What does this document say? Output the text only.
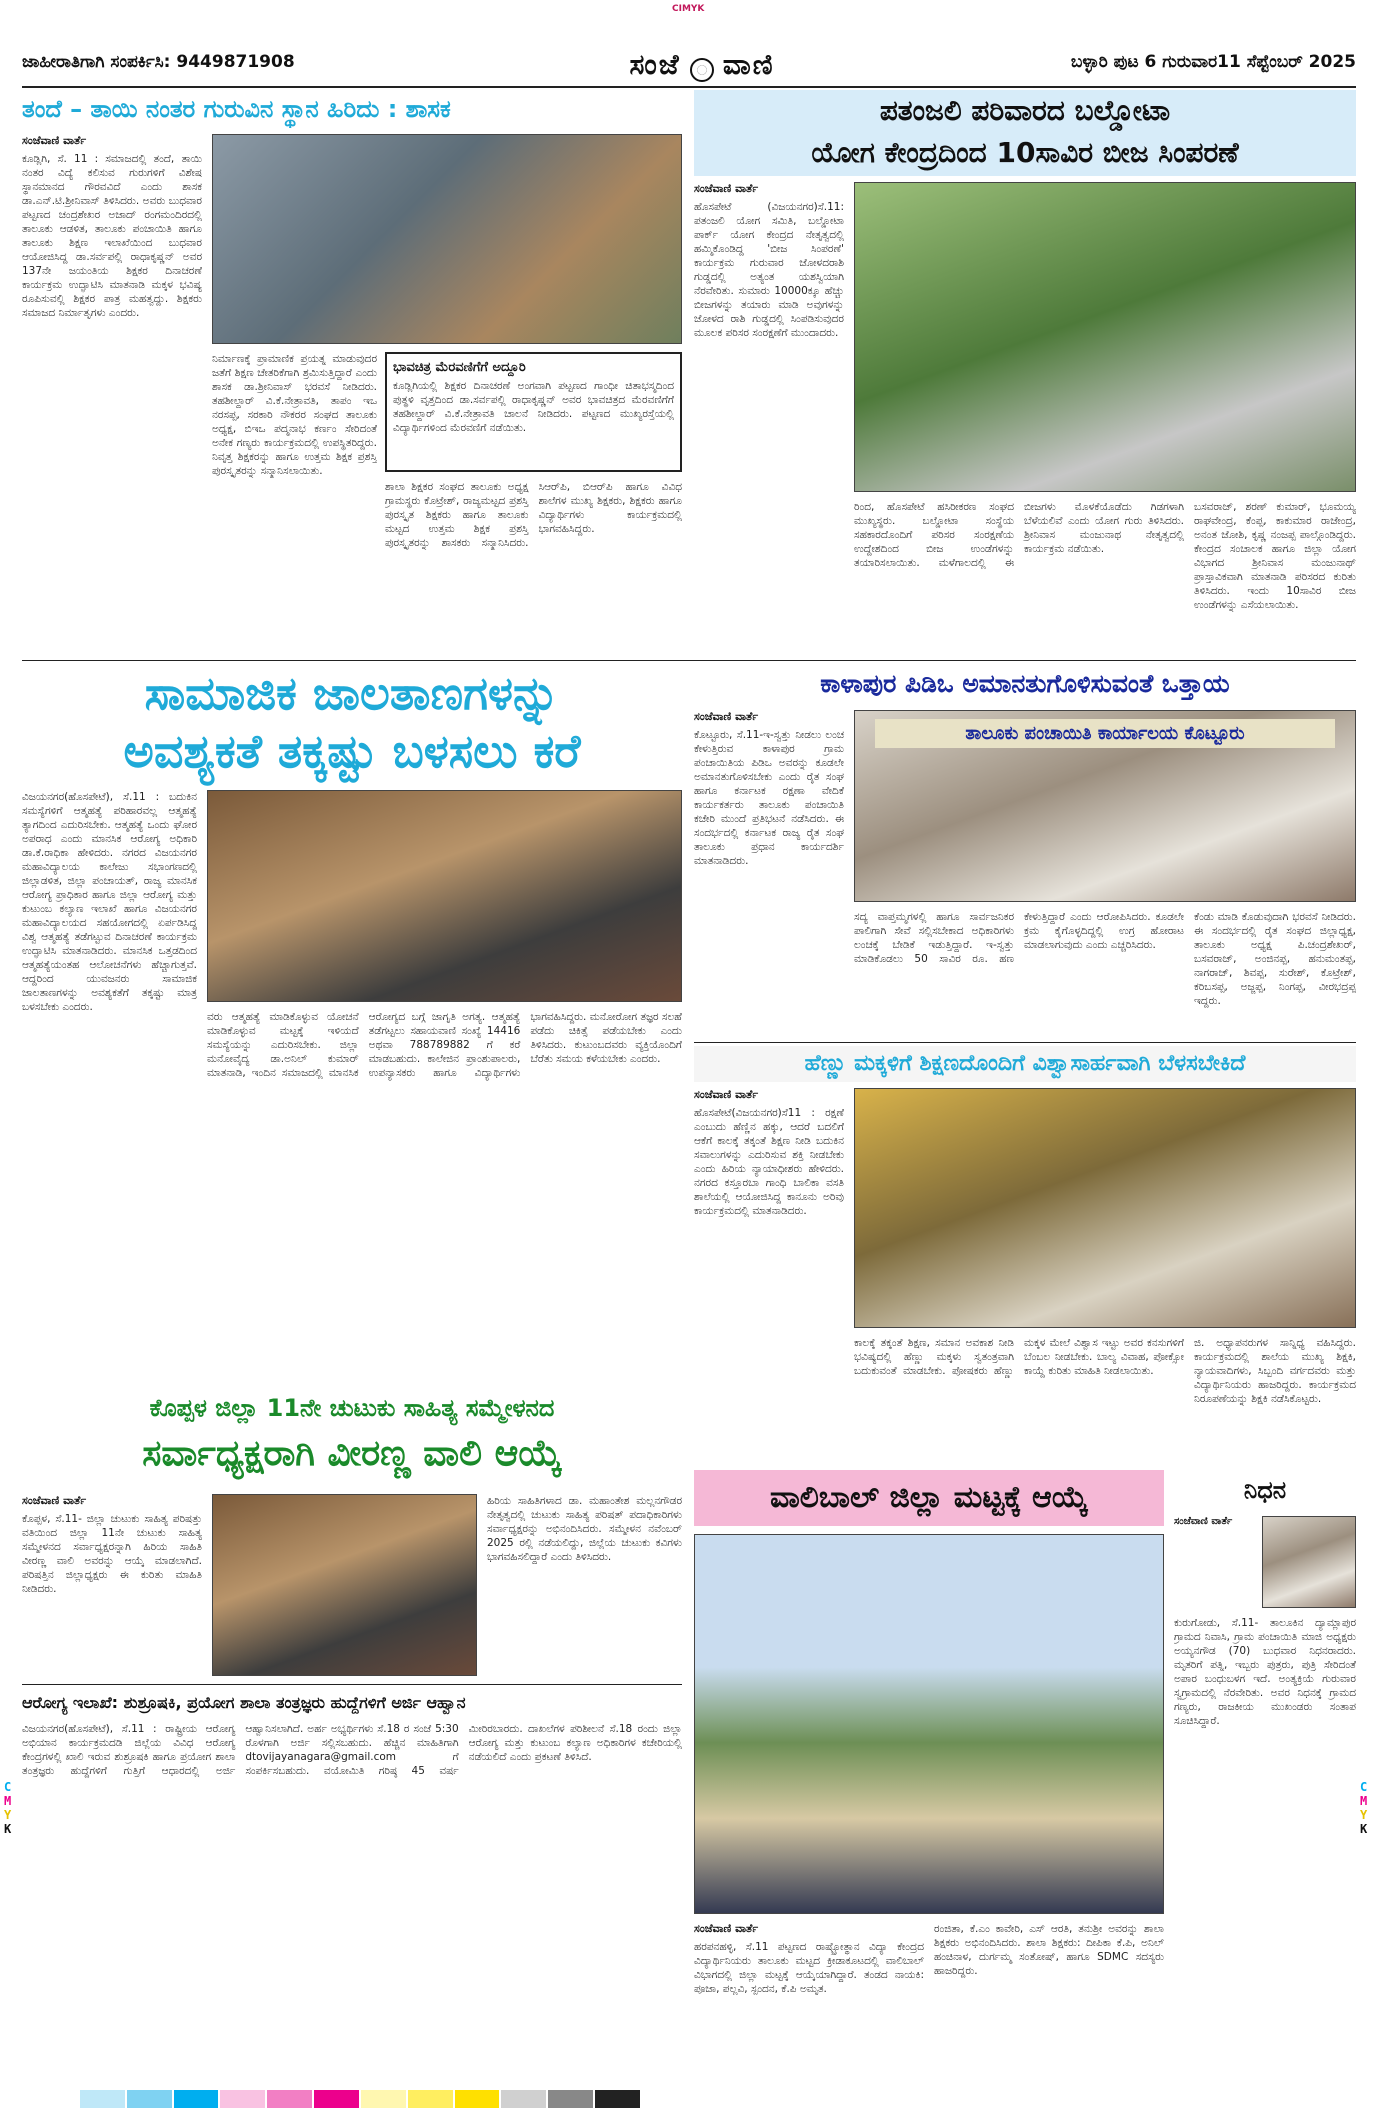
CIMYK
ಜಾಹೀರಾತಿಗಾಗಿ ಸಂಪರ್ಕಿಸಿ: 9449871908	ಸಂಜೆ ವಾಣಿ	ಬಳ್ಳಾರಿ ಪುಟ 6 ಗುರುವಾರ11 ಸೆಪ್ಟೆಂಬರ್ 2025
ತಂದೆ – ತಾಯಿ ನಂತರ ಗುರುವಿನ ಸ್ಥಾನ ಹಿರಿದು : ಶಾಸಕ
ಸಂಜೆವಾಣಿ ವಾರ್ತೆ
ಕೂಡ್ಲಿಗಿ, ಸೆ. 11 : ಸಮಾಜದಲ್ಲಿ ತಂದೆ, ತಾಯಿ ನಂತರ ವಿದ್ಯೆ ಕಲಿಸುವ ಗುರುಗಳಿಗೆ ವಿಶೇಷ ಸ್ಥಾನಮಾನದ ಗೌರವವಿದೆ ಎಂದು ಶಾಸಕ ಡಾ.ಎನ್.ಟಿ.ಶ್ರೀನಿವಾಸ್ ತಿಳಿಸಿದರು. ಅವರು ಬುಧವಾರ ಪಟ್ಟಣದ ಚಂದ್ರಶೇಖರ ಅಜಾದ್ ರಂಗಮಂದಿರದಲ್ಲಿ ತಾಲೂಕು ಆಡಳಿತ, ತಾಲೂಕು ಪಂಚಾಯಿತಿ ಹಾಗೂ ತಾಲೂಕು ಶಿಕ್ಷಣ ಇಲಾಖೆಯಿಂದ ಬುಧವಾರ ಆಯೋಜಿಸಿದ್ದ ಡಾ.ಸರ್ವಪಲ್ಲಿ ರಾಧಾಕೃಷ್ಣನ್ ಅವರ 137ನೇ ಜಯಂತಿಯ ಶಿಕ್ಷಕರ ದಿನಾಚರಣೆ ಕಾರ್ಯಕ್ರಮ ಉದ್ಘಾಟಿಸಿ ಮಾತನಾಡಿ ಮಕ್ಕಳ ಭವಿಷ್ಯ ರೂಪಿಸುವಲ್ಲಿ ಶಿಕ್ಷಕರ ಪಾತ್ರ ಮಹತ್ವದ್ದು. ಶಿಕ್ಷಕರು ಸಮಾಜದ ನಿರ್ಮಾತೃಗಳು ಎಂದರು.
ನಿರ್ಮಾಣಕ್ಕೆ ಪ್ರಾಮಾಣಿಕ ಪ್ರಯತ್ನ ಮಾಡುವುದರ ಜತೆಗೆ ಶಿಕ್ಷಣ ಚೇತರಿಕೆಗಾಗಿ ಶ್ರಮಿಸುತ್ತಿದ್ದಾರೆ ಎಂದು ಶಾಸಕ ಡಾ.ಶ್ರೀನಿವಾಸ್ ಭರವಸೆ ನೀಡಿದರು. ತಹಶೀಲ್ದಾರ್ ವಿ.ಕೆ.ನೇತ್ರಾವತಿ, ತಾಪಂ ಇಒ ನರಸಪ್ಪ, ಸರಕಾರಿ ನೌಕರರ ಸಂಘದ ತಾಲೂಕು ಅಧ್ಯಕ್ಷ, ಬಿಇಒ ಪದ್ಮನಾಭ ಕರ್ಣಂ ಸೇರಿದಂತೆ ಅನೇಕ ಗಣ್ಯರು ಕಾರ್ಯಕ್ರಮದಲ್ಲಿ ಉಪಸ್ಥಿತರಿದ್ದರು. ನಿವೃತ್ತ ಶಿಕ್ಷಕರನ್ನು ಹಾಗೂ ಉತ್ತಮ ಶಿಕ್ಷಕ ಪ್ರಶಸ್ತಿ ಪುರಸ್ಕೃತರನ್ನು ಸನ್ಮಾನಿಸಲಾಯಿತು.
ಭಾವಚಿತ್ರ ಮೆರವಣಿಗೆಗೆ ಅದ್ದೂರಿ
ಕೂಡ್ಲಿಗಿಯಲ್ಲಿ ಶಿಕ್ಷಕರ ದಿನಾಚರಣೆ ಅಂಗವಾಗಿ ಪಟ್ಟಣದ ಗಾಂಧೀ ಚಿತಾಭಸ್ಮದಿಂದ ಪುತ್ಥಳಿ ವೃತ್ತದಿಂದ ಡಾ.ಸರ್ವಪಲ್ಲಿ ರಾಧಾಕೃಷ್ಣನ್ ಅವರ ಭಾವಚಿತ್ರದ ಮೆರವಣಿಗೆಗೆ ತಹಶೀಲ್ದಾರ್ ವಿ.ಕೆ.ನೇತ್ರಾವತಿ ಚಾಲನೆ ನೀಡಿದರು. ಪಟ್ಟಣದ ಮುಖ್ಯರಸ್ತೆಯಲ್ಲಿ ವಿದ್ಯಾರ್ಥಿಗಳಿಂದ ಮೆರವಣಿಗೆ ನಡೆಯಿತು.
ಶಾಲಾ ಶಿಕ್ಷಕರ ಸಂಘದ ತಾಲೂಕು ಅಧ್ಯಕ್ಷ ಗ್ರಾಮಸ್ಥರು ಕೊಟ್ರೇಶ್, ರಾಜ್ಯಮಟ್ಟದ ಪ್ರಶಸ್ತಿ ಪುರಸ್ಕೃತ ಶಿಕ್ಷಕರು ಹಾಗೂ ತಾಲೂಕು ಮಟ್ಟದ ಉತ್ತಮ ಶಿಕ್ಷಕ ಪ್ರಶಸ್ತಿ ಪುರಸ್ಕೃತರನ್ನು ಶಾಸಕರು ಸನ್ಮಾನಿಸಿದರು. ಸಿಆರ್‌ಪಿ, ಬಿಆರ್‌ಪಿ ಹಾಗೂ ವಿವಿಧ ಶಾಲೆಗಳ ಮುಖ್ಯ ಶಿಕ್ಷಕರು, ಶಿಕ್ಷಕರು ಹಾಗೂ ವಿದ್ಯಾರ್ಥಿಗಳು ಕಾರ್ಯಕ್ರಮದಲ್ಲಿ ಭಾಗವಹಿಸಿದ್ದರು.
ಪತಂಜಲಿ ಪರಿವಾರದ ಬಲ್ಡೋಟಾ
ಯೋಗ ಕೇಂದ್ರದಿಂದ 10ಸಾವಿರ ಬೀಜ ಸಿಂಪರಣೆ
ಸಂಜೆವಾಣಿ ವಾರ್ತೆ
ಹೊಸಪೇಟೆ (ವಿಜಯನಗರ)ಸೆ.11: ಪತಂಜಲಿ ಯೋಗ ಸಮಿತಿ, ಬಲ್ಡೋಟಾ ಪಾರ್ಕ್ ಯೋಗ ಕೇಂದ್ರದ ನೇತೃತ್ವದಲ್ಲಿ ಹಮ್ಮಿಕೊಂಡಿದ್ದ 'ಬೀಜ ಸಿಂಪರಣೆ' ಕಾರ್ಯಕ್ರಮ ಗುರುವಾರ ಜೋಳದರಾಶಿ ಗುಡ್ಡದಲ್ಲಿ ಅತ್ಯಂತ ಯಶಸ್ವಿಯಾಗಿ ನೆರವೇರಿತು. ಸುಮಾರು 10000ಕ್ಕೂ ಹೆಚ್ಚು ಬೀಜಗಳನ್ನು ತಯಾರು ಮಾಡಿ ಅವುಗಳನ್ನು ಜೋಳದ ರಾಶಿ ಗುಡ್ಡದಲ್ಲಿ ಸಿಂಪಡಿಸುವುದರ ಮೂಲಕ ಪರಿಸರ ಸಂರಕ್ಷಣೆಗೆ ಮುಂದಾದರು.
ರಿಂದ, ಹೊಸಪೇಟೆ ಹಸಿರೀಕರಣ ಸಂಘದ ಮುಖ್ಯಸ್ಥರು. ಬಲ್ಡೋಟಾ ಸಂಸ್ಥೆಯ ಸಹಕಾರದೊಂದಿಗೆ ಪರಿಸರ ಸಂರಕ್ಷಣೆಯ ಉದ್ದೇಶದಿಂದ ಬೀಜ ಉಂಡೆಗಳನ್ನು ತಯಾರಿಸಲಾಯಿತು. ಮಳೆಗಾಲದಲ್ಲಿ ಈ ಬೀಜಗಳು ಮೊಳಕೆಯೊಡೆದು ಗಿಡಗಳಾಗಿ ಬೆಳೆಯಲಿವೆ ಎಂದು ಯೋಗ ಗುರು ತಿಳಿಸಿದರು. ಶ್ರೀನಿವಾಸ ಮಂಜುನಾಥ ನೇತೃತ್ವದಲ್ಲಿ ಕಾರ್ಯಕ್ರಮ ನಡೆಯಿತು.
ಬಸವರಾಜ್, ಶರಣ್ ಕುಮಾರ್, ಭೂಮಯ್ಯ ರಾಘವೇಂದ್ರ, ಕೆಂಪ್ಪ, ಕಾಕುಮಾರ ರಾಜೇಂದ್ರ, ಅನಂತ ಜೋಶಿ, ಕೃಷ್ಣ ನಂಜಪ್ಪ ಪಾಲ್ಗೊಂಡಿದ್ದರು. ಕೇಂದ್ರದ ಸಂಚಾಲಕ ಹಾಗೂ ಜಿಲ್ಲಾ ಯೋಗ ವಿಭಾಗದ ಶ್ರೀನಿವಾಸ ಮಂಜುನಾಥ್ ಪ್ರಾಸ್ತಾವಿಕವಾಗಿ ಮಾತನಾಡಿ ಪರಿಸರದ ಕುರಿತು ತಿಳಿಸಿದರು. ಇಂದು 10ಸಾವಿರ ಬೀಜ ಉಂಡೆಗಳನ್ನು ಎಸೆಯಲಾಯಿತು.
ಸಾಮಾಜಿಕ ಜಾಲತಾಣಗಳನ್ನು
ಅವಶ್ಯಕತೆ ತಕ್ಕಷ್ಟು ಬಳಸಲು ಕರೆ
ವಿಜಯನಗರ(ಹೊಸಪೇಟೆ), ಸೆ.11 : ಬದುಕಿನ ಸಮಸ್ಯೆಗಳಿಗೆ ಆತ್ಮಹತ್ಯೆ ಪರಿಹಾರವಲ್ಲ ಆತ್ಮಹತ್ಯೆ ತ್ಯಾಗದಿಂದ ಎದುರಿಸಬೇಕು. ಆತ್ಮಹತ್ಯೆ ಒಂದು ಘೋರ ಅಪರಾಧ ಎಂದು ಮಾನಸಿಕ ಆರೋಗ್ಯ ಅಧಿಕಾರಿ ಡಾ.ಕೆ.ರಾಧಿಕಾ ಹೇಳಿದರು. ನಗರದ ವಿಜಯನಗರ ಮಹಾವಿದ್ಯಾಲಯ ಕಾಲೇಜು ಸಭಾಂಗಣದಲ್ಲಿ ಜಿಲ್ಲಾಡಳಿತ, ಜಿಲ್ಲಾ ಪಂಚಾಯತ್, ರಾಜ್ಯ ಮಾನಸಿಕ ಆರೋಗ್ಯ ಪ್ರಾಧಿಕಾರ ಹಾಗೂ ಜಿಲ್ಲಾ ಆರೋಗ್ಯ ಮತ್ತು ಕುಟುಂಬ ಕಲ್ಯಾಣ ಇಲಾಖೆ ಹಾಗೂ ವಿಜಯನಗರ ಮಹಾವಿದ್ಯಾಲಯದ ಸಹಯೋಗದಲ್ಲಿ ಏರ್ಪಡಿಸಿದ್ದ ವಿಶ್ವ ಆತ್ಮಹತ್ಯೆ ತಡೆಗಟ್ಟುವ ದಿನಾಚರಣೆ ಕಾರ್ಯಕ್ರಮ ಉದ್ಘಾಟಿಸಿ ಮಾತನಾಡಿದರು. ಮಾನಸಿಕ ಒತ್ತಡದಿಂದ ಆತ್ಮಹತ್ಯೆಯಂತಹ ಆಲೋಚನೆಗಳು ಹೆಚ್ಚಾಗುತ್ತವೆ. ಆದ್ದರಿಂದ ಯುವಜನರು ಸಾಮಾಜಿಕ ಜಾಲತಾಣಗಳನ್ನು ಅವಶ್ಯಕತೆಗೆ ತಕ್ಕಷ್ಟು ಮಾತ್ರ ಬಳಸಬೇಕು ಎಂದರು.
ವರು ಆತ್ಮಹತ್ಯೆ ಮಾಡಿಕೊಳ್ಳುವ ಯೋಚನೆ ಮಾಡಿಕೊಳ್ಳುವ ಮಟ್ಟಕ್ಕೆ ಇಳಿಯದೆ ಸಮಸ್ಯೆಯನ್ನು ಎದುರಿಸಬೇಕು. ಜಿಲ್ಲಾ ಮನೋವೈದ್ಯ ಡಾ.ಅನಿಲ್ ಕುಮಾರ್ ಮಾತನಾಡಿ, ಇಂದಿನ ಸಮಾಜದಲ್ಲಿ ಮಾನಸಿಕ ಆರೋಗ್ಯದ ಬಗ್ಗೆ ಜಾಗೃತಿ ಅಗತ್ಯ. ಆತ್ಮಹತ್ಯೆ ತಡೆಗಟ್ಟಲು ಸಹಾಯವಾಣಿ ಸಂಖ್ಯೆ 14416 ಅಥವಾ 788789882 ಗೆ ಕರೆ ಮಾಡಬಹುದು. ಕಾಲೇಜಿನ ಪ್ರಾಂಶುಪಾಲರು, ಉಪನ್ಯಾಸಕರು ಹಾಗೂ ವಿದ್ಯಾರ್ಥಿಗಳು ಭಾಗವಹಿಸಿದ್ದರು. ಮನೋರೋಗ ತಜ್ಞರ ಸಲಹೆ ಪಡೆದು ಚಿಕಿತ್ಸೆ ಪಡೆಯಬೇಕು ಎಂದು ತಿಳಿಸಿದರು. ಕುಟುಂಬದವರು ವ್ಯಕ್ತಿಯೊಂದಿಗೆ ಬೆರೆತು ಸಮಯ ಕಳೆಯಬೇಕು ಎಂದರು.
ಕಾಳಾಪುರ ಪಿಡಿಒ ಅಮಾನತುಗೊಳಿಸುವಂತೆ ಒತ್ತಾಯ
ಸಂಜೆವಾಣಿ ವಾರ್ತೆ
ಕೊಟ್ಟೂರು, ಸೆ.11-ಇ-ಸ್ವತ್ತು ನೀಡಲು ಲಂಚ ಕೇಳುತ್ತಿರುವ ಕಾಳಾಪುರ ಗ್ರಾಮ ಪಂಚಾಯಿತಿಯ ಪಿಡಿಒ ಅವರನ್ನು ಕೂಡಲೇ ಅಮಾನತುಗೊಳಿಸಬೇಕು ಎಂದು ರೈತ ಸಂಘ ಹಾಗೂ ಕರ್ನಾಟಕ ರಕ್ಷಣಾ ವೇದಿಕೆ ಕಾರ್ಯಕರ್ತರು ತಾಲೂಕು ಪಂಚಾಯಿತಿ ಕಚೇರಿ ಮುಂದೆ ಪ್ರತಿಭಟನೆ ನಡೆಸಿದರು. ಈ ಸಂದರ್ಭದಲ್ಲಿ ಕರ್ನಾಟಕ ರಾಜ್ಯ ರೈತ ಸಂಘ ತಾಲೂಕು ಪ್ರಧಾನ ಕಾರ್ಯದರ್ಶಿ ಮಾತನಾಡಿದರು.
ತಾಲೂಕು ಪಂಚಾಯಿತಿ ಕಾರ್ಯಾಲಯ ಕೊಟ್ಟೂರು
ಸದ್ಯ ವಾಪ್ತಮ್ಮಗಳಲ್ಲಿ ಹಾಗೂ ಸಾರ್ವಜನಿಕರ ಪಾಲಿಗಾಗಿ ಸೇವೆ ಸಲ್ಲಿಸಬೇಕಾದ ಅಧಿಕಾರಿಗಳು ಲಂಚಕ್ಕೆ ಬೇಡಿಕೆ ಇಡುತ್ತಿದ್ದಾರೆ. ಇ-ಸ್ವತ್ತು ಮಾಡಿಕೊಡಲು 50 ಸಾವಿರ ರೂ. ಹಣ ಕೇಳುತ್ತಿದ್ದಾರೆ ಎಂದು ಆರೋಪಿಸಿದರು. ಕೂಡಲೇ ಕ್ರಮ ಕೈಗೊಳ್ಳದಿದ್ದಲ್ಲಿ ಉಗ್ರ ಹೋರಾಟ ಮಾಡಲಾಗುವುದು ಎಂದು ಎಚ್ಚರಿಸಿದರು.
ಕೆಂಡು ಮಾಡಿ ಕೊಡುವುದಾಗಿ ಭರವಸೆ ನೀಡಿದರು. ಈ ಸಂದರ್ಭದಲ್ಲಿ ರೈತ ಸಂಘದ ಜಿಲ್ಲಾಧ್ಯಕ್ಷ, ತಾಲೂಕು ಅಧ್ಯಕ್ಷ ಪಿ.ಚಂದ್ರಶೇಖರ್, ಬಸವರಾಜ್, ಅಂಜಿನಪ್ಪ, ಹನುಮಂತಪ್ಪ, ನಾಗರಾಜ್, ಶಿವಪ್ಪ, ಸುರೇಶ್, ಕೊಟ್ರೇಶ್, ಕರಿಬಸಪ್ಪ, ಅಜ್ಜಪ್ಪ, ನಿಂಗಪ್ಪ, ವೀರಭದ್ರಪ್ಪ ಇದ್ದರು.
ಹೆಣ್ಣು ಮಕ್ಕಳಿಗೆ ಶಿಕ್ಷಣದೊಂದಿಗೆ ವಿಶ್ವಾಸಾರ್ಹವಾಗಿ ಬೆಳಸಬೇಕಿದೆ
ಸಂಜೆವಾಣಿ ವಾರ್ತೆ
ಹೊಸಪೇಟೆ(ವಿಜಯನಗರ)ಸೆ11 : ರಕ್ಷಣೆ ಎಂಬುದು ಹೆಣ್ಣಿನ ಹಕ್ಕು, ಆದರೆ ಬದಲಿಗೆ ಆಕೆಗೆ ಕಾಲಕ್ಕೆ ತಕ್ಕಂತೆ ಶಿಕ್ಷಣ ನೀಡಿ ಬದುಕಿನ ಸವಾಲುಗಳನ್ನು ಎದುರಿಸುವ ಶಕ್ತಿ ನೀಡಬೇಕು ಎಂದು ಹಿರಿಯ ನ್ಯಾಯಾಧೀಶರು ಹೇಳಿದರು. ನಗರದ ಕಸ್ತೂರಬಾ ಗಾಂಧಿ ಬಾಲಿಕಾ ವಸತಿ ಶಾಲೆಯಲ್ಲಿ ಆಯೋಜಿಸಿದ್ದ ಕಾನೂನು ಅರಿವು ಕಾರ್ಯಕ್ರಮದಲ್ಲಿ ಮಾತನಾಡಿದರು.
ಕಾಲಕ್ಕೆ ತಕ್ಕಂತೆ ಶಿಕ್ಷಣ, ಸಮಾನ ಅವಕಾಶ ನೀಡಿ ಭವಿಷ್ಯದಲ್ಲಿ ಹೆಣ್ಣು ಮಕ್ಕಳು ಸ್ವತಂತ್ರವಾಗಿ ಬದುಕುವಂತೆ ಮಾಡಬೇಕು. ಪೋಷಕರು ಹೆಣ್ಣು ಮಕ್ಕಳ ಮೇಲೆ ವಿಶ್ವಾಸ ಇಟ್ಟು ಅವರ ಕನಸುಗಳಿಗೆ ಬೆಂಬಲ ನೀಡಬೇಕು. ಬಾಲ್ಯ ವಿವಾಹ, ಪೋಕ್ಸೋ ಕಾಯ್ದೆ ಕುರಿತು ಮಾಹಿತಿ ನೀಡಲಾಯಿತು.
ಜಿ. ಅಧ್ಯಾಪನರುಗಳ ಸಾನ್ನಿಧ್ಯ ವಹಿಸಿದ್ದರು. ಕಾರ್ಯಕ್ರಮದಲ್ಲಿ ಶಾಲೆಯ ಮುಖ್ಯ ಶಿಕ್ಷಕಿ, ನ್ಯಾಯವಾದಿಗಳು, ಸಿಬ್ಬಂದಿ ವರ್ಗದವರು ಮತ್ತು ವಿದ್ಯಾರ್ಥಿನಿಯರು ಹಾಜರಿದ್ದರು. ಕಾರ್ಯಕ್ರಮದ ನಿರೂಪಣೆಯನ್ನು ಶಿಕ್ಷಕಿ ನಡೆಸಿಕೊಟ್ಟರು.
ಕೊಪ್ಪಳ ಜಿಲ್ಲಾ 11ನೇ ಚುಟುಕು ಸಾಹಿತ್ಯ ಸಮ್ಮೇಳನದ
ಸರ್ವಾಧ್ಯಕ್ಷರಾಗಿ ವೀರಣ್ಣ ವಾಲಿ ಆಯ್ಕೆ
ಸಂಜೆವಾಣಿ ವಾರ್ತೆ
ಕೊಪ್ಪಳ, ಸೆ.11- ಜಿಲ್ಲಾ ಚುಟುಕು ಸಾಹಿತ್ಯ ಪರಿಷತ್ತು ವತಿಯಿಂದ ಜಿಲ್ಲಾ 11ನೇ ಚುಟುಕು ಸಾಹಿತ್ಯ ಸಮ್ಮೇಳನದ ಸರ್ವಾಧ್ಯಕ್ಷರನ್ನಾಗಿ ಹಿರಿಯ ಸಾಹಿತಿ ವೀರಣ್ಣ ವಾಲಿ ಅವರನ್ನು ಆಯ್ಕೆ ಮಾಡಲಾಗಿದೆ. ಪರಿಷತ್ತಿನ ಜಿಲ್ಲಾಧ್ಯಕ್ಷರು ಈ ಕುರಿತು ಮಾಹಿತಿ ನೀಡಿದರು.
ಹಿರಿಯ ಸಾಹಿತಿಗಳಾದ ಡಾ. ಮಹಾಂತೇಶ ಮಲ್ಲನಗೌಡರ ನೇತೃತ್ವದಲ್ಲಿ ಚುಟುಕು ಸಾಹಿತ್ಯ ಪರಿಷತ್ ಪದಾಧಿಕಾರಿಗಳು ಸರ್ವಾಧ್ಯಕ್ಷರನ್ನು ಅಭಿನಂದಿಸಿದರು. ಸಮ್ಮೇಳನ ನವೆಂಬರ್ 2025 ರಲ್ಲಿ ನಡೆಯಲಿದ್ದು, ಜಿಲ್ಲೆಯ ಚುಟುಕು ಕವಿಗಳು ಭಾಗವಹಿಸಲಿದ್ದಾರೆ ಎಂದು ತಿಳಿಸಿದರು.
ಆರೋಗ್ಯ ಇಲಾಖೆ: ಶುಶ್ರೂಷಕಿ, ಪ್ರಯೋಗ ಶಾಲಾ ತಂತ್ರಜ್ಞರು ಹುದ್ದೆಗಳಿಗೆ ಅರ್ಜಿ ಆಹ್ವಾನ
ವಿಜಯನಗರ(ಹೊಸಪೇಟೆ), ಸೆ.11 : ರಾಷ್ಟ್ರೀಯ ಆರೋಗ್ಯ ಅಭಿಯಾನ ಕಾರ್ಯಕ್ರಮದಡಿ ಜಿಲ್ಲೆಯ ವಿವಿಧ ಆರೋಗ್ಯ ಕೇಂದ್ರಗಳಲ್ಲಿ ಖಾಲಿ ಇರುವ ಶುಶ್ರೂಷಕಿ ಹಾಗೂ ಪ್ರಯೋಗ ಶಾಲಾ ತಂತ್ರಜ್ಞರು ಹುದ್ದೆಗಳಿಗೆ ಗುತ್ತಿಗೆ ಆಧಾರದಲ್ಲಿ ಅರ್ಜಿ ಆಹ್ವಾನಿಸಲಾಗಿದೆ. ಅರ್ಹ ಅಭ್ಯರ್ಥಿಗಳು ಸೆ.18 ರ ಸಂಜೆ 5:30 ರೊಳಗಾಗಿ ಅರ್ಜಿ ಸಲ್ಲಿಸಬಹುದು. ಹೆಚ್ಚಿನ ಮಾಹಿತಿಗಾಗಿ dtovijayanagara@gmail.com ಗೆ ಸಂಪರ್ಕಿಸಬಹುದು. ವಯೋಮಿತಿ ಗರಿಷ್ಠ 45 ವರ್ಷ ಮೀರಿರಬಾರದು. ದಾಖಲೆಗಳ ಪರಿಶೀಲನೆ ಸೆ.18 ರಂದು ಜಿಲ್ಲಾ ಆರೋಗ್ಯ ಮತ್ತು ಕುಟುಂಬ ಕಲ್ಯಾಣ ಅಧಿಕಾರಿಗಳ ಕಚೇರಿಯಲ್ಲಿ ನಡೆಯಲಿದೆ ಎಂದು ಪ್ರಕಟಣೆ ತಿಳಿಸಿದೆ.
ವಾಲಿಬಾಲ್ ಜಿಲ್ಲಾ ಮಟ್ಟಕ್ಕೆ ಆಯ್ಕೆ
ಸಂಜೆವಾಣಿ ವಾರ್ತೆ
ಹರಪನಹಳ್ಳಿ, ಸೆ.11 ಪಟ್ಟಣದ ರಾಷ್ಟ್ರೋತ್ಥಾನ ವಿದ್ಯಾ ಕೇಂದ್ರದ ವಿದ್ಯಾರ್ಥಿನಿಯರು ತಾಲೂಕು ಮಟ್ಟದ ಕ್ರೀಡಾಕೂಟದಲ್ಲಿ ವಾಲಿಬಾಲ್ ವಿಭಾಗದಲ್ಲಿ ಜಿಲ್ಲಾ ಮಟ್ಟಕ್ಕೆ ಆಯ್ಕೆಯಾಗಿದ್ದಾರೆ. ತಂಡದ ನಾಯಕಿ: ಪೂಜಾ, ಪಲ್ಲವಿ, ಸ್ಪಂದನ, ಕೆ.ಪಿ ಅಮೃತ.
ರಂಜಿತಾ, ಕೆ.ಎಂ ಕಾವೇರಿ, ಎಸ್ ಆರತಿ, ತನುಶ್ರೀ ಅವರನ್ನು ಶಾಲಾ ಶಿಕ್ಷಕರು ಅಭಿನಂದಿಸಿದರು. ಶಾಲಾ ಶಿಕ್ಷಕರು: ದೀಪಿಕಾ ಕೆ.ಪಿ, ಅನಿಲ್ ಹಂಚಿನಾಳ, ದುರ್ಗಮ್ಮ ಸಂತೋಷ್, ಹಾಗೂ SDMC ಸದಸ್ಯರು ಹಾಜರಿದ್ದರು.
ನಿಧನ
ಸಂಜೆವಾಣಿ ವಾರ್ತೆ
ಕುರುಗೋಡು, ಸೆ.11- ತಾಲೂಕಿನ ದ್ಯಾಮ್ಲಾಪುರ ಗ್ರಾಮದ ನಿವಾಸಿ, ಗ್ರಾಮ ಪಂಚಾಯಿತಿ ಮಾಜಿ ಅಧ್ಯಕ್ಷರು ಅಯ್ಯನಗೌಡ (70) ಬುಧವಾರ ನಿಧನರಾದರು. ಮೃತರಿಗೆ ಪತ್ನಿ, ಇಬ್ಬರು ಪುತ್ರರು, ಪುತ್ರಿ ಸೇರಿದಂತೆ ಅಪಾರ ಬಂಧುಬಳಗ ಇದೆ. ಅಂತ್ಯಕ್ರಿಯೆ ಗುರುವಾರ ಸ್ವಗ್ರಾಮದಲ್ಲಿ ನೆರವೇರಿತು. ಅವರ ನಿಧನಕ್ಕೆ ಗ್ರಾಮದ ಗಣ್ಯರು, ರಾಜಕೀಯ ಮುಖಂಡರು ಸಂತಾಪ ಸೂಚಿಸಿದ್ದಾರೆ.
C
M
Y
K
C
M
Y
K
